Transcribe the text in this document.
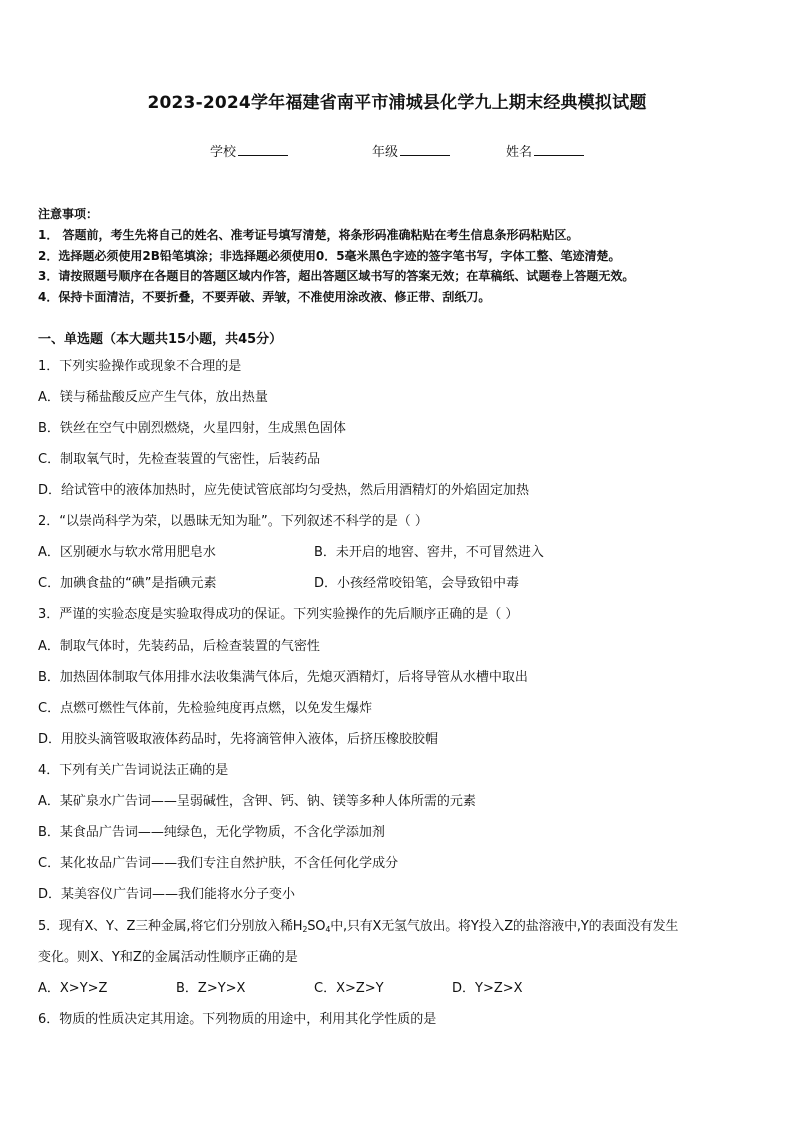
2023-2024学年福建省南平市浦城县化学九上期末经典模拟试题
学校	年级	姓名
注意事项：
1． 答题前，考生先将自己的姓名、准考证号填写清楚，将条形码准确粘贴在考生信息条形码粘贴区。
2．选择题必须使用2B铅笔填涂；非选择题必须使用0．5毫米黑色字迹的签字笔书写，字体工整、笔迹清楚。
3．请按照题号顺序在各题目的答题区域内作答，超出答题区域书写的答案无效；在草稿纸、试题卷上答题无效。
4．保持卡面清洁，不要折叠，不要弄破、弄皱，不准使用涂改液、修正带、刮纸刀。
一、单选题（本大题共15小题，共45分）
1．下列实验操作或现象不合理的是
A．镁与稀盐酸反应产生气体，放出热量
B．铁丝在空气中剧烈燃烧，火星四射，生成黑色固体
C．制取氧气时，先检查装置的气密性，后装药品
D．给试管中的液体加热时，应先使试管底部均匀受热，然后用酒精灯的外焰固定加热
2．“以崇尚科学为荣，以愚昧无知为耻”。下列叙述不科学的是（ ）
A．区别硬水与软水常用肥皂水	B．未开启的地窖、窖井，不可冒然进入
C．加碘食盐的“碘”是指碘元素	D．小孩经常咬铅笔，会导致铅中毒
3．严谨的实验态度是实验取得成功的保证。下列实验操作的先后顺序正确的是（ ）
A．制取气体时，先装药品，后检查装置的气密性
B．加热固体制取气体用排水法收集满气体后，先熄灭酒精灯，后将导管从水槽中取出
C．点燃可燃性气体前，先检验纯度再点燃，以免发生爆炸
D．用胶头滴管吸取液体药品时，先将滴管伸入液体，后挤压橡胶胶帽
4．下列有关广告词说法正确的是
A．某矿泉水广告词——呈弱碱性，含钾、钙、钠、镁等多种人体所需的元素
B．某食品广告词——纯绿色，无化学物质，不含化学添加剂
C．某化妆品广告词——我们专注自然护肤，不含任何化学成分
D．某美容仪广告词——我们能将水分子变小
5．现有X、Y、Z三种金属,将它们分别放入稀$H_2SO_4$中,只有X无氢气放出。将Y投入Z的盐溶液中,Y的表面没有发生
变化。则X、Y和Z的金属活动性顺序正确的是
A．X>Y>Z	B．Z>Y>X	C．X>Z>Y	D．Y>Z>X
6．物质的性质决定其用途。下列物质的用途中，利用其化学性质的是
